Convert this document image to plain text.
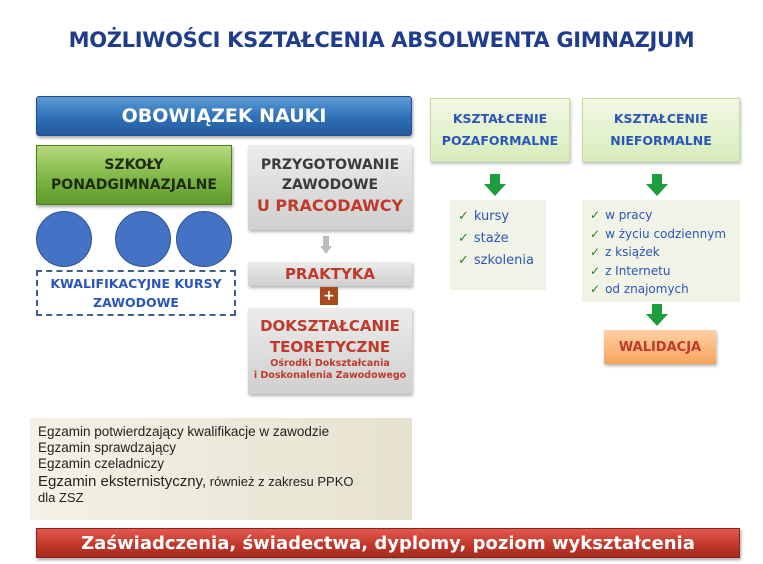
MOŻLIWOŚCI KSZTAŁCENIA ABSOLWENTA GIMNAZJUM
OBOWIĄZEK NAUKI
SZKOŁY
PONADGIMNAZJALNE
KWALIFIKACYJNE KURSY
ZAWODOWE
PRZYGOTOWANIE
ZAWODOWE
U PRACODAWCY
PRAKTYKA
+
DOKSZTAŁCANIE
TEORETYCZNE
Ośrodki Dokształcania
i Doskonalenia Zawodowego
Egzamin potwierdzający kwalifikacje w zawodzie
Egzamin sprawdzający
Egzamin czeladniczy
Egzamin eksternistyczny, również z zakresu PPKO
dla ZSZ
Zaświadczenia, świadectwa, dyplomy, poziom wykształcenia
KSZTAŁCENIE
POZAFORMALNE
KSZTAŁCENIE
NIEFORMALNE
✓ kursy
✓ staże
✓ szkolenia
✓ w pracy
✓ w życiu codziennym
✓ z książek
✓ z Internetu
✓ od znajomych
WALIDACJA
